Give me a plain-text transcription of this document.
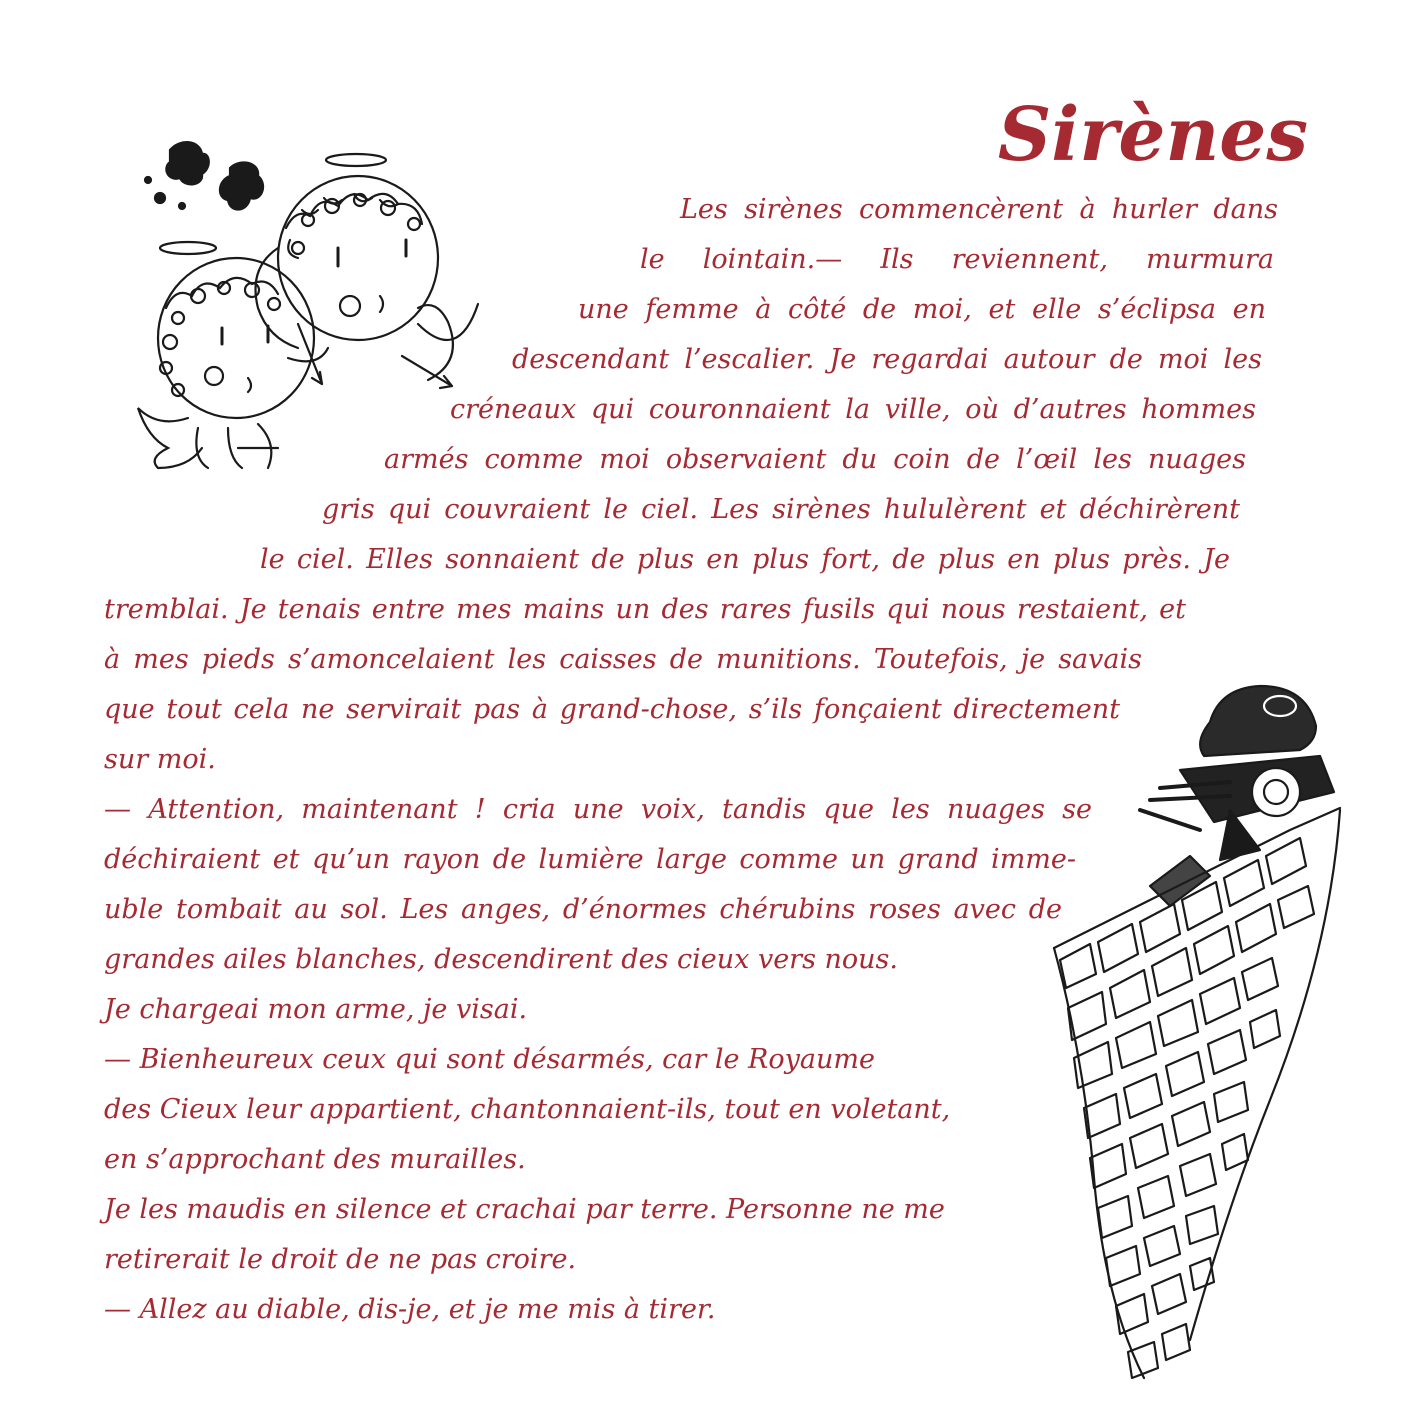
Sirènes
Les sirènes commencèrent à hurler dans
le lointain.— Ils reviennent, murmura
une femme à côté de moi, et elle s’éclipsa en
descendant l’escalier. Je regardai autour de moi les
créneaux qui couronnaient la ville, où d’autres hommes
armés comme moi observaient du coin de l’œil les nuages
gris qui couvraient le ciel. Les sirènes hululèrent et déchirèrent
le ciel. Elles sonnaient de plus en plus fort, de plus en plus près. Je
tremblai. Je tenais entre mes mains un des rares fusils qui nous restaient, et
à mes pieds s’amoncelaient les caisses de munitions. Toutefois, je savais
que tout cela ne servirait pas à grand-chose, s’ils fonçaient directement
sur moi.
— Attention, maintenant ! cria une voix, tandis que les nuages se
déchiraient et qu’un rayon de lumière large comme un grand imme-
uble tombait au sol. Les anges, d’énormes chérubins roses avec de
grandes ailes blanches, descendirent des cieux vers nous.
Je chargeai mon arme, je visai.
— Bienheureux ceux qui sont désarmés, car le Royaume
des Cieux leur appartient, chantonnaient-ils, tout en voletant,
en s’approchant des murailles.
Je les maudis en silence et crachai par terre. Personne ne me
retirerait le droit de ne pas croire.
— Allez au diable, dis-je, et je me mis à tirer.
